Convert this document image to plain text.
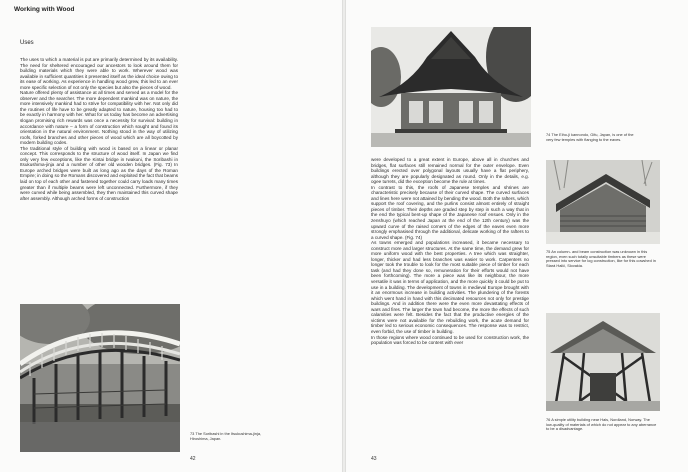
Working with Wood
Uses

The uses to which a material is put are primarily determined by its availability. The need for sheltered encouraged our ancestors to look around them for building materials which they were able to work. Wherever wood was available in sufficient quantities it presented itself as the ideal choice owing to its ease of working. As experience in handling wood grew, this led to an ever more specific selection of not only the species but also the pieces of wood.

Nature offered plenty of assistance at all times and served as a model for the observer and the searcher. The more dependent mankind was on nature, the more intensively mankind had to strive for compatibility with her. Not only did the routines of life have to be greatly adapted to nature, housing too had to be exactly in harmony with her. What for us today has become an advertising slogan promising rich rewards was once a necessity for survival: building in accordance with nature – a form of construction which sought and found its orientation in the natural environment. Nothing stood in the way of utilizing roofs, forked branches and other pieces of wood which are all boycotted by modern building codes.

The traditional style of building with wood is based on a linear or planar concept. This corresponds to the structure of wood itself. In Japan we find only very few exceptions, like the Kintai bridge in Iwakuni, the Soribashi in Itsukushima-jinja and a number of other old wooden bridges. (Fig. 73) In Europe arched bridges were built as long ago as the days of the Roman Empire; in doing so the Romans discovered and exploited the fact that beams laid on top of each other and fastened together could carry loads many times greater than if multiple beams were left unconnected. Furthermore, if they were curved while being assembled, they then maintained this curved shape after assembly. Although arched forms of construction

73 The Soribashi in the Itsukushima-jinja, Hiroshima, Japan.
42
74 The Eiho-ji kannondo, Gifu, Japan, is one of the very few temples with flanging to the eaves.

were developed to a great extent in Europe, above all in churches and bridges, flat surfaces still remained normal for the outer envelope. Even buildings erected over polygonal layouts usually have a flat periphery, although they are popularly designated as round. Only in the details, e.g. ogee turrets, did the exception become the rule at times.

In contrast to this, the roofs of Japanese temples and shrines are characteristic precisely because of their curved shape. The curved surfaces and lines here were not attained by bending the wood. Both the rafters, which support the roof covering, and the purlins consist almost entirely of straight pieces of timber. Their depths are graded step by step in such a way that in the end the typical bent-up shape of the Japanese roof ensues. Only in the zenshuyo (which reached Japan at the end of the 12th century) was the upward curve of the raised corners of the edges of the eaves even more strongly emphasised through the additional, delicate working of the rafters to a curved shape. (Fig. 74)

As towns emerged and populations increased, it became necessary to construct more and larger structures. At the same time, the demand grew for more uniform wood with the best properties. A tree which was straighter, longer, thicker and had less branches was easier to work. Carpenters no longer took the trouble to look for the most suitable piece of timber for each task (and had they done so, remuneration for their efforts would not have been forthcoming). The more a piece was like its neighbour, the more versatile it was in terms of application, and the more quickly it could be put to use in a building. The development of towns in medieval Europe brought with it an enormous increase in building activities. The plundering of the forests which went hand in hand with this decimated resources not only for prestige buildings. And in addition there were the even more devastating effects of wars and fires. The larger the town had become, the more the effects of such calamities were felt. Besides the fact that the productive energies of the victims were not available for the rebuilding work, the acute demand for timber led to serious economic consequences. The response was to restrict, even forbid, the use of timber in building.

In those regions where wood continued to be used for construction work, the population was forced to be content with ever

75 An column- and beam construction was unknown in this region, even such totally unsuitable timbers as these were pressed into service for log construction, like for this cowshed in Stará Halič, Slovakia.
76 A simple utility building near Hals, Nordland, Norway. The low-quality of materials of which do not appear to any aberrance to be a disadvantage.
43
